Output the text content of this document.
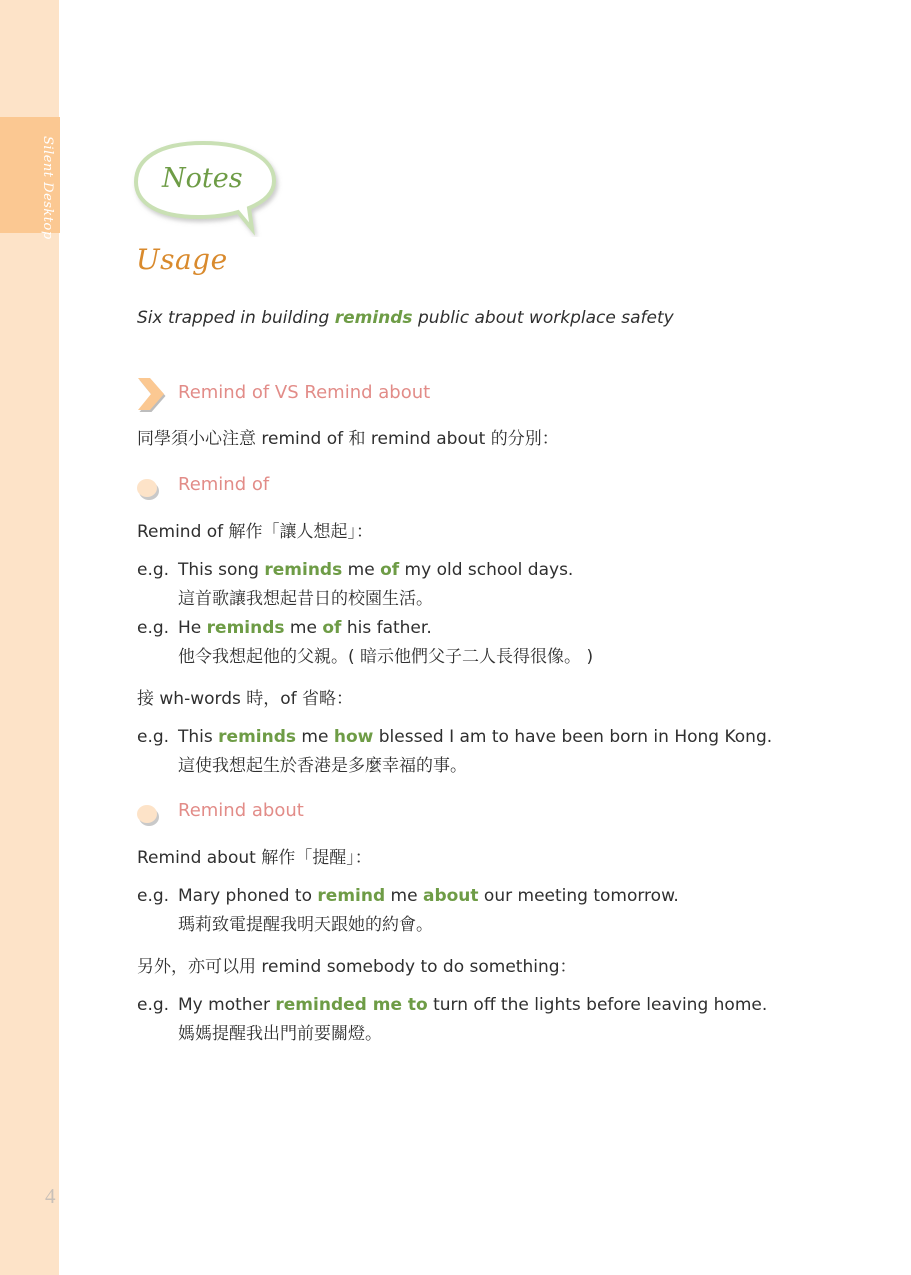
Silent Desktop
4
Notes
Usage
Six trapped in building reminds public about workplace safety
Remind of VS Remind about
同學須小心注意 remind of 和 remind about 的分別：
Remind of
Remind of 解作「讓人想起」：
e.g. This song reminds me of my old school days.
這首歌讓我想起昔日的校園生活。
e.g. He reminds me of his father.
他令我想起他的父親。( 暗示他們父子二人長得很像。 )
接 wh-words 時，of 省略：
e.g. This reminds me how blessed I am to have been born in Hong Kong.
這使我想起生於香港是多麼幸福的事。
Remind about
Remind about 解作「提醒」：
e.g. Mary phoned to remind me about our meeting tomorrow.
瑪莉致電提醒我明天跟她的約會。
另外，亦可以用 remind somebody to do something：
e.g. My mother reminded me to turn off the lights before leaving home.
媽媽提醒我出門前要關燈。
